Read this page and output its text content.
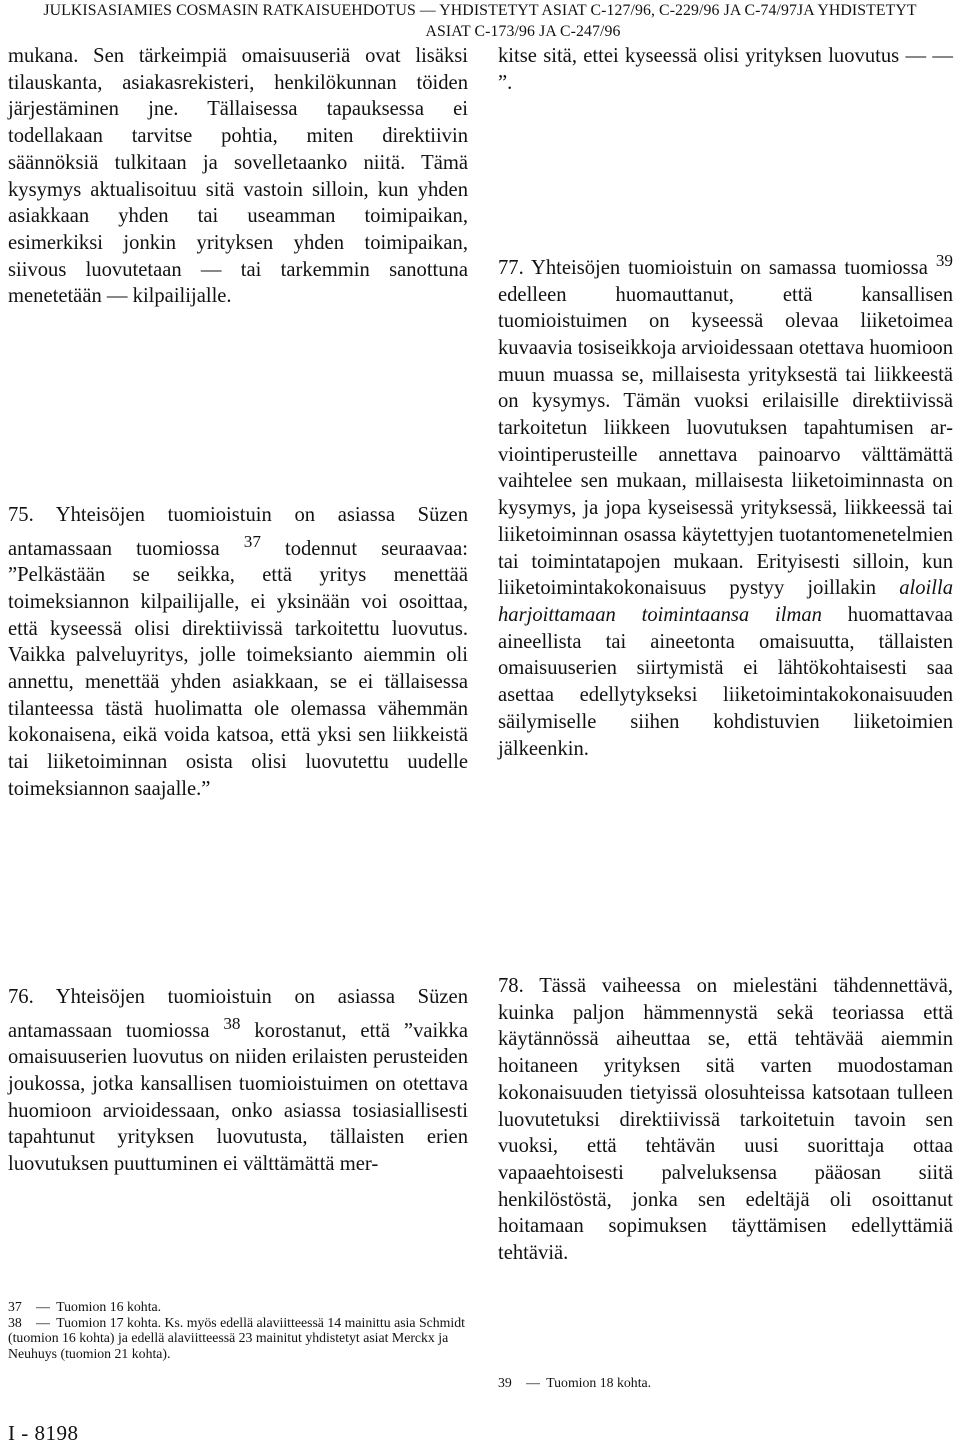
JULKISASIAMIES COSMASIN RATKAISUEHDOTUS — YHDISTETYT ASIAT C-127/96, C-229/96 JA C-74/97JA YHDISTETYT
ASIAT C-173/96 JA C-247/96

mukana. Sen tärkeimpiä omaisuuseriä ovat lisäksi tilauskanta, asiakasrekisteri, henkilökunnan töiden järjestäminen jne. Tällaisessa tapauksessa ei todellakaan tarvitse pohtia, miten direktiivin säännöksiä tulkitaan ja sovelletaanko niitä. Tämä kysymys aktualisoituu sitä vastoin silloin, kun yhden asiakkaan yhden tai useamman toimipaikan, esimerkiksi jonkin yrityksen yhden toimipaikan, siivous luovutetaan — tai tarkemmin sanottuna menetetään — kilpailijalle.

kitse sitä, ettei kyseessä olisi yrityksen luovutus — — ”.

75. Yhteisöjen tuomioistuin on asiassa Süzen antamassaan tuomiossa $^{37}$ todennut seuraavaa: ”Pelkästään se seikka, että yritys menettää toimeksiannon kilpailijalle, ei yksinään voi osoittaa, että kyseessä olisi direktiivissä tarkoitettu luovutus. Vaikka palveluyritys, jolle toimeksianto aiemmin oli annettu, menettää yhden asiakkaan, se ei tällaisessa tilanteessa tästä huolimatta ole olemassa vähemmän kokonaisena, eikä voida katsoa, että yksi sen liikkeistä tai liiketoiminnan osista olisi luovutettu uudelle toimeksiannon saajalle.”

77. Yhteisöjen tuomioistuin on samassa tuomiossa $^{39}$ edelleen huomauttanut, että kansallisen tuomioistuimen on kyseessä olevaa liiketoimea kuvaavia tosiseikkoja arvioidessaan otettava huomioon muun muassa se, millaisesta yrityksestä tai liikkeestä on kysymys. Tämän vuoksi erilaisille direktiivissä tarkoitetun liikkeen luovutuksen tapahtumisen arviointiperusteille annettava painoarvo välttämättä vaihtelee sen mukaan, millaisesta liiketoiminnasta on kysymys, ja jopa kyseisessä yrityksessä, liikkeessä tai liiketoiminnan osassa käytettyjen tuotantomenetelmien tai toimintatapojen mukaan. Erityisesti silloin, kun liiketoimintakokonaisuus pystyy joillakin aloilla harjoittamaan toimintaansa ilman huomattavaa aineellista tai aineetonta omaisuutta, tällaisten omaisuuserien siirtymistä ei lähtökohtaisesti saa asettaa edellytykseksi liiketoimintakokonaisuuden säilymiselle siihen kohdistuvien liiketoimien jälkeenkin.

76. Yhteisöjen tuomioistuin on asiassa Süzen antamassaan tuomiossa $^{38}$ korostanut, että ”vaikka omaisuuserien luovutus on niiden erilaisten perusteiden joukossa, jotka kansallisen tuomioistuimen on otettava huomioon arvioidessaan, onko asiassa tosiasiallisesti tapahtunut yrityksen luovutusta, tällaisten erien luovutuksen puuttuminen ei välttämättä mer-

78. Tässä vaiheessa on mielestäni tähdennettävä, kuinka paljon hämmennystä sekä teoriassa että käytännössä aiheuttaa se, että tehtävää aiemmin hoitaneen yrityksen sitä varten muodostaman kokonaisuuden tietyissä olosuhteissa katsotaan tulleen luovutetuksi direktiivissä tarkoitetuin tavoin sen vuoksi, että tehtävän uusi suorittaja ottaa vapaaehtoisesti palveluksensa pääosan siitä henkilöstöstä, jonka sen edeltäjä oli osoittanut hoitamaan sopimuksen täyttämisen edellyttämiä tehtäviä.

37 — Tuomion 16 kohta.

38 — Tuomion 17 kohta. Ks. myös edellä alaviitteessä 14 mainittu asia Schmidt (tuomion 16 kohta) ja edellä alaviitteessä 23 mainitut yhdistetyt asiat Merckx ja Neuhuys (tuomion 21 kohta).

39 — Tuomion 18 kohta.
I - 8198
